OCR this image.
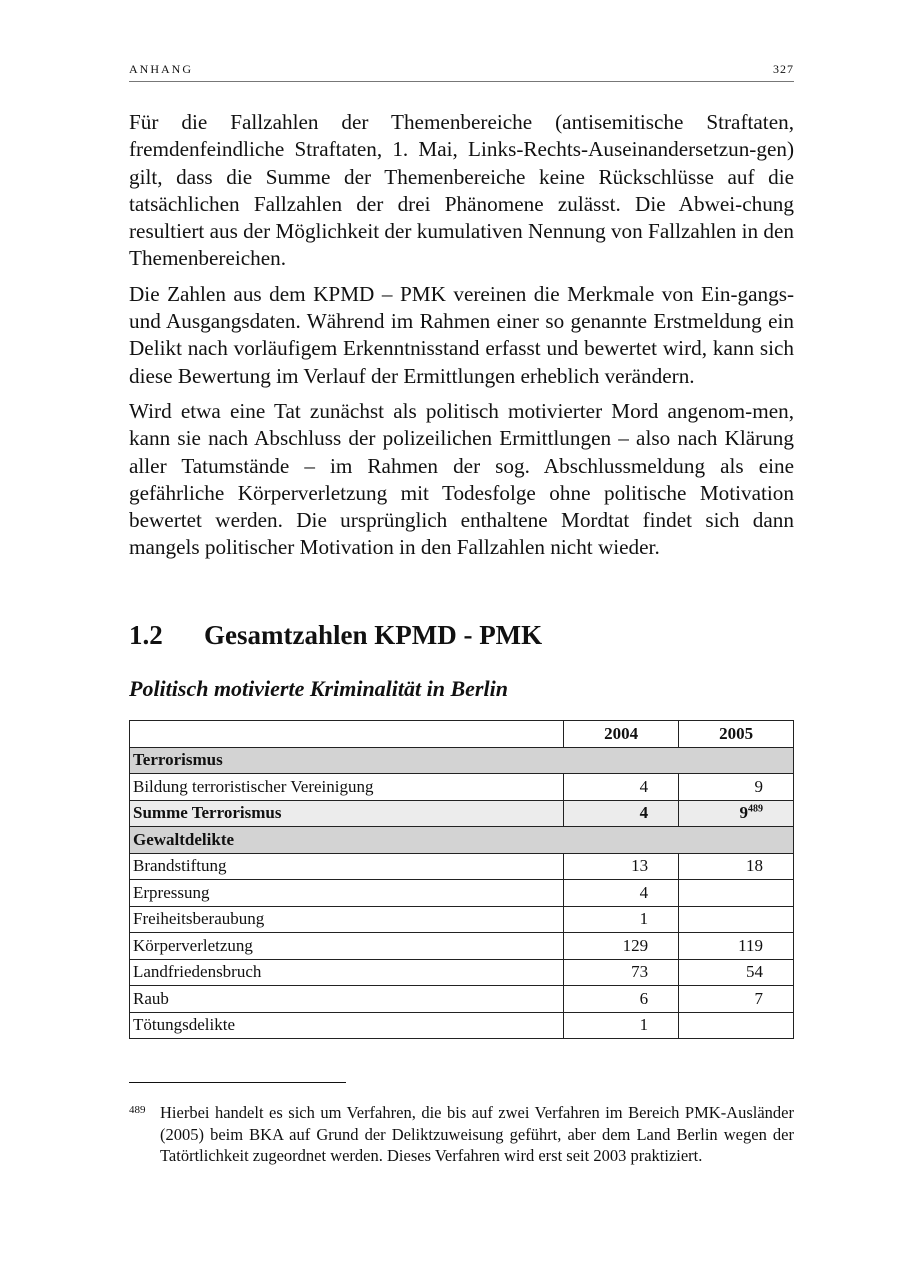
ANHANG	327

Für die Fallzahlen der Themenbereiche (antisemitische Straftaten, fremdenfeindliche Straftaten, 1. Mai, Links-Rechts-Auseinandersetzun-gen) gilt, dass die Summe der Themenbereiche keine Rückschlüsse auf die tatsächlichen Fallzahlen der drei Phänomene zulässt. Die Abwei-chung resultiert aus der Möglichkeit der kumulativen Nennung von Fallzahlen in den Themenbereichen.

Die Zahlen aus dem KPMD – PMK vereinen die Merkmale von Ein-gangs- und Ausgangsdaten. Während im Rahmen einer so genannte Erstmeldung ein Delikt nach vorläufigem Erkenntnisstand erfasst und bewertet wird, kann sich diese Bewertung im Verlauf der Ermittlungen erheblich verändern.

Wird etwa eine Tat zunächst als politisch motivierter Mord angenom-men, kann sie nach Abschluss der polizeilichen Ermittlungen – also nach Klärung aller Tatumstände – im Rahmen der sog. Abschlussmeldung als eine gefährliche Körperverletzung mit Todesfolge ohne politische Motivation bewertet werden. Die ursprünglich enthaltene Mordtat findet sich dann mangels politischer Motivation in den Fallzahlen nicht wieder.

1.2 Gesamtzahlen KPMD - PMK
Politisch motivierte Kriminalität in Berlin
	2004	2005
Terrorismus		
Bildung terroristischer Vereinigung	4	9
Summe Terrorismus	4	$9^{489}$
Gewaltdelikte		
Brandstiftung	13	18
Erpressung	4	
Freiheitsberaubung	1	
Körperverletzung	129	119
Landfriedensbruch	73	54
Raub	6	7
Tötungsdelikte	1	
489 Hierbei handelt es sich um Verfahren, die bis auf zwei Verfahren im Bereich PMK-Ausländer (2005) beim BKA auf Grund der Deliktzuweisung geführt, aber dem Land Berlin wegen der Tatörtlichkeit zugeordnet werden. Dieses Verfahren wird erst seit 2003 praktiziert.
